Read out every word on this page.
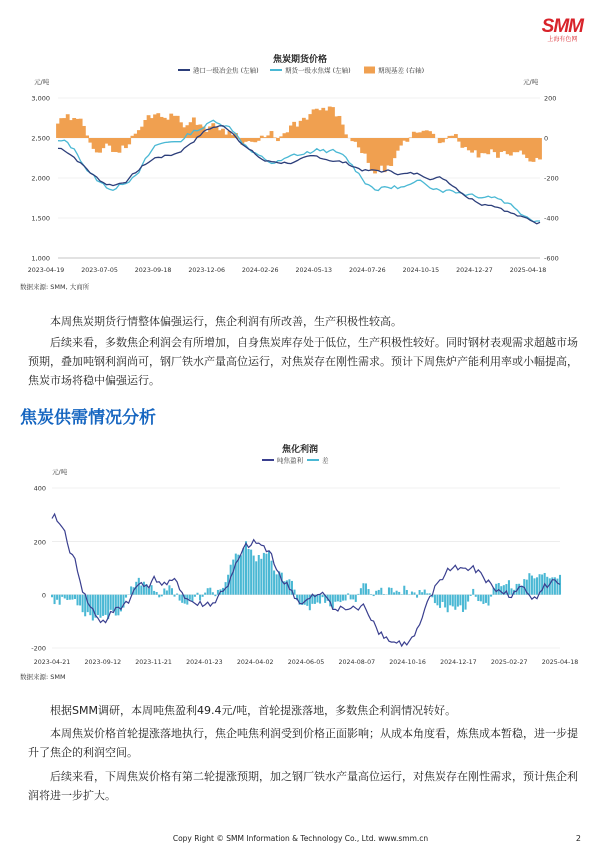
SMM
上海有色网
焦炭期货价格
港口一级冶金焦 (左轴)	期货一级水焦煤 (左轴)	期现基差 (右轴)
元/吨	元/吨
3,000
2,500
2,000
1,500
1,000
200
0
-200
-400
-600
2023-04-19	2023-07-05	2023-09-18	2023-12-06	2024-02-26	2024-05-13	2024-07-26	2024-10-15	2024-12-27	2025-04-18
数据来源: SMM, 大商所

本周焦炭期货行情整体偏强运行，焦企利润有所改善，生产积极性较高。

后续来看，多数焦企利润会有所增加，自身焦炭库存处于低位，生产积极性较好。同时钢材表观需求超越市场预期，叠加吨钢利润尚可，钢厂铁水产量高位运行，对焦炭存在刚性需求。预计下周焦炉产能利用率或小幅提高，焦炭市场将稳中偏强运行。

焦炭供需情况分析
焦化利润
吨焦盈利	差
元/吨
400
200
0
-200
2023-04-21 2023-09-12 2023-11-21 2024-01-23 2024-04-02 2024-06-05 2024-08-07 2024-10-16 2024-12-17 2025-02-27 2025-04-18
数据来源: SMM

根据SMM调研，本周吨焦盈利49.4元/吨，首轮提涨落地，多数焦企利润情况转好。

本周焦炭价格首轮提涨落地执行，焦企吨焦利润受到价格正面影响；从成本角度看，炼焦成本暂稳，进一步提升了焦企的利润空间。

后续来看，下周焦炭价格有第二轮提涨预期，加之钢厂铁水产量高位运行，对焦炭存在刚性需求，预计焦企利润将进一步扩大。

Copy Right © SMM Information & Technology Co., Ltd. www.smm.cn	2
